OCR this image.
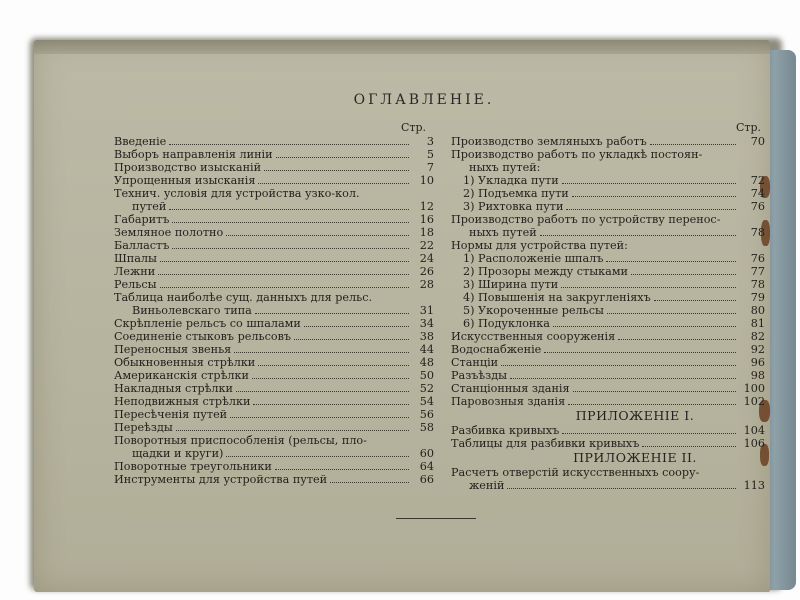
ОГЛАВЛЕНІЕ.
Стр.
Введеніе	3
Выборъ направленія линіи	5
Производство изысканій	7
Упрощенныя изысканія	10
Технич. условія для устройства узко-кол.
путей	12
Габаритъ	16
Земляное полотно	18
Балластъ	22
Шпалы	24
Лежни	26
Рельсы	28
Таблица наиболѣе сущ. данныхъ для рельс.
Виньолевскаго типа	31
Скрѣпленіе рельсъ со шпалами	34
Соединеніе стыковъ рельсовъ	38
Переносныя звенья	44
Обыкновенныя стрѣлки	48
Американскія стрѣлки	50
Накладныя стрѣлки	52
Неподвижныя стрѣлки	54
Пересѣченія путей	56
Переѣзды	58
Поворотныя приспособленія (рельсы, пло-
щадки и круги)	60
Поворотные треугольники	64
Инструменты для устройства путей	66
Стр.
Производство земляныхъ работъ	70
Производство работъ по укладкѣ постоян-
ныхъ путей:
1) Укладка пути	72
2) Подъемка пути	74
3) Рихтовка пути	76
Производство работъ по устройству перенос-
ныхъ путей	78
Нормы для устройства путей:
1) Расположеніе шпалъ	76
2) Прозоры между стыками	77
3) Ширина пути	78
4) Повышенія на закругленіяхъ	79
5) Укороченные рельсы	80
6) Подуклонка	81
Искусственныя сооруженія	82
Водоснабженіе	92
Станціи	96
Разъѣзды	98
Станціонныя зданія	100
Паровозныя зданія	102
ПРИЛОЖЕНІЕ I.
Разбивка кривыхъ	104
Таблицы для разбивки кривыхъ	106
ПРИЛОЖЕНІЕ II.
Расчетъ отверстій искусственныхъ соору-
женій	113
